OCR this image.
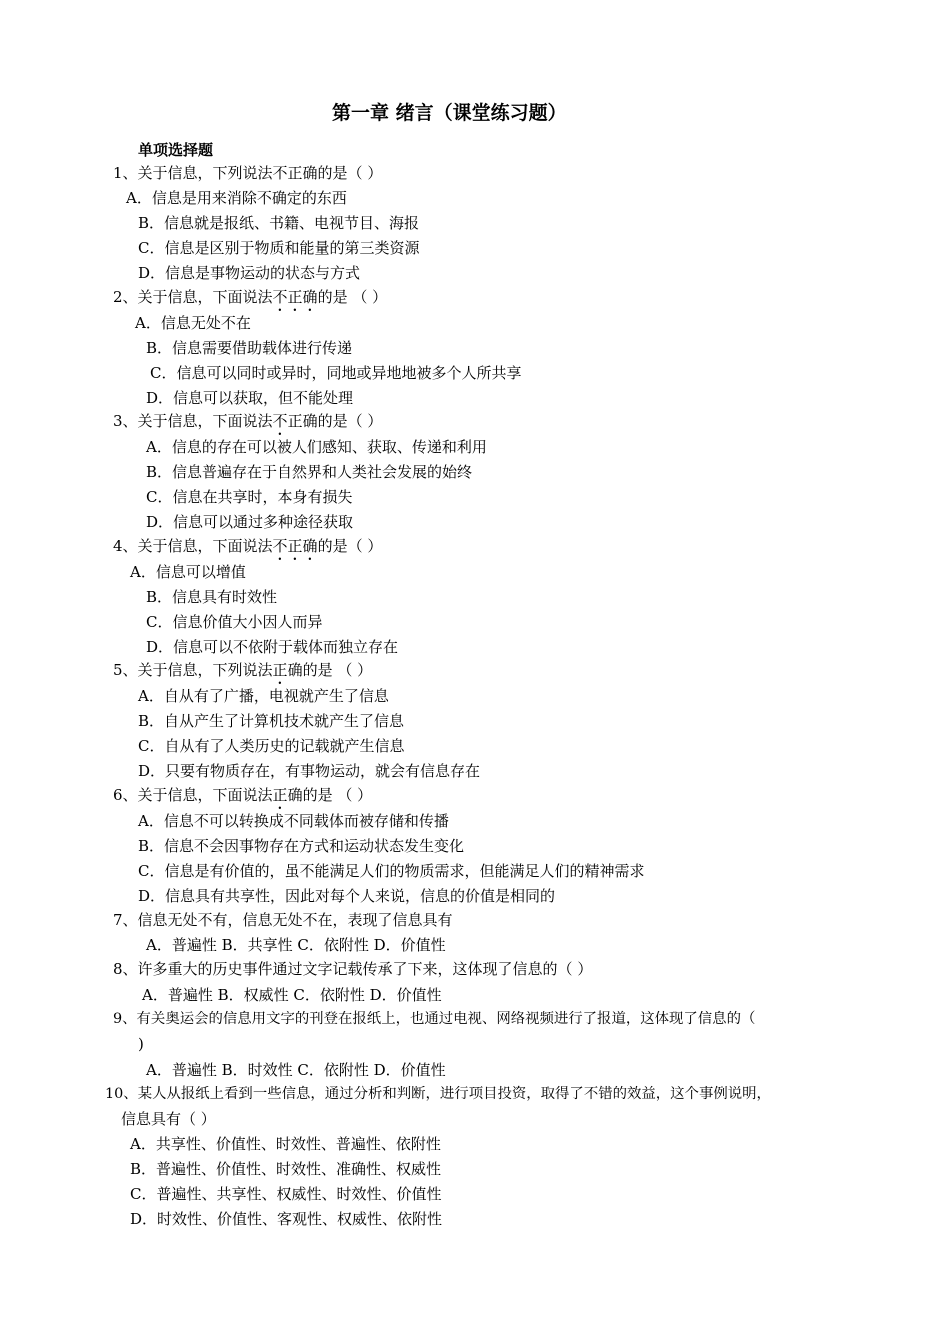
第一章 绪言（课堂练习题）
单项选择题
1、关于信息，下列说法不正确的是（ ）
A．信息是用来消除不确定的东西
B．信息就是报纸、书籍、电视节目、海报
C．信息是区别于物质和能量的第三类资源
D．信息是事物运动的状态与方式
2、关于信息，下面说法不正确的是 （ ）
A．信息无处不在
B．信息需要借助载体进行传递
C．信息可以同时或异时，同地或异地地被多个人所共享
D．信息可以获取，但不能处理
3、关于信息，下面说法不正确的是（ ）
A．信息的存在可以被人们感知、获取、传递和利用
B．信息普遍存在于自然界和人类社会发展的始终
C．信息在共享时，本身有损失
D．信息可以通过多种途径获取
4、关于信息，下面说法不正确的是（ ）
A．信息可以增值
B．信息具有时效性
C．信息价值大小因人而异
D．信息可以不依附于载体而独立存在
5、关于信息，下列说法正确的是 （ ）
A．自从有了广播，电视就产生了信息
B．自从产生了计算机技术就产生了信息
C．自从有了人类历史的记载就产生信息
D．只要有物质存在，有事物运动，就会有信息存在
6、关于信息，下面说法正确的是 （ ）
A．信息不可以转换成不同载体而被存储和传播
B．信息不会因事物存在方式和运动状态发生变化
C．信息是有价值的，虽不能满足人们的物质需求，但能满足人们的精神需求
D．信息具有共享性，因此对每个人来说，信息的价值是相同的
7、信息无处不有，信息无处不在，表现了信息具有
A．普遍性 B．共享性 C．依附性 D．价值性
8、许多重大的历史事件通过文字记载传承了下来，这体现了信息的（ ）
A．普遍性 B．权威性 C．依附性 D．价值性
9、有关奥运会的信息用文字的刊登在报纸上，也通过电视、网络视频进行了报道，这体现了信息的（
)
A．普遍性 B．时效性 C．依附性 D．价值性
10、某人从报纸上看到一些信息，通过分析和判断，进行项目投资，取得了不错的效益，这个事例说明，
信息具有（ ）
A．共享性、价值性、时效性、普遍性、依附性
B．普遍性、价值性、时效性、准确性、权威性
C．普遍性、共享性、权威性、时效性、价值性
D．时效性、价值性、客观性、权威性、依附性
